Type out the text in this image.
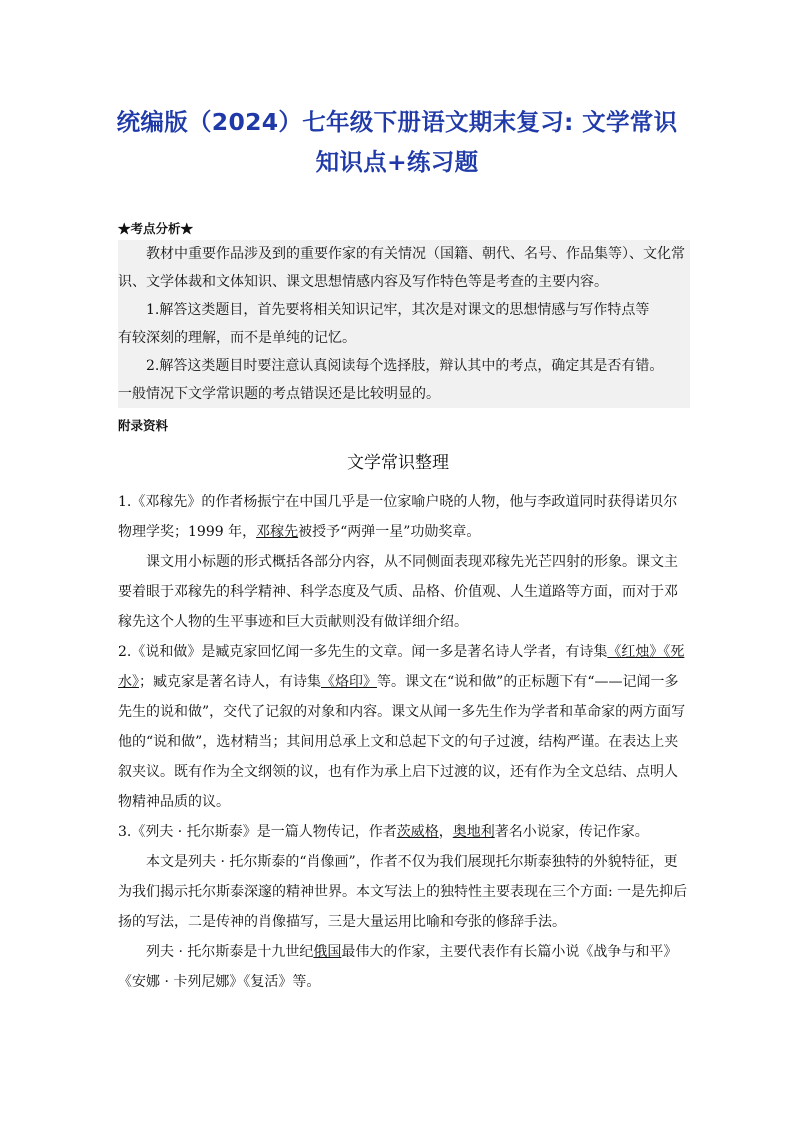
统编版（2024）七年级下册语文期末复习: 文学常识
知识点+练习题
★考点分析★

教材中重要作品涉及到的重要作家的有关情况（国籍、朝代、名号、作品集等）、文化常识、文学体裁和文体知识、课文思想情感内容及写作特色等是考查的主要内容。

1.解答这类题目，首先要将相关知识记牢，其次是对课文的思想情感与写作特点等

有较深刻的理解，而不是单纯的记忆。

2.解答这类题目时要注意认真阅读每个选择肢，辩认其中的考点，确定其是否有错。

一般情况下文学常识题的考点错误还是比较明显的。

附录资料
文学常识整理

1.《邓稼先》的作者杨振宁在中国几乎是一位家喻户晓的人物，他与李政道同时获得诺贝尔物理学奖；1999 年，邓稼先被授予“两弹一星”功勋奖章。

课文用小标题的形式概括各部分内容，从不同侧面表现邓稼先光芒四射的形象。课文主要着眼于邓稼先的科学精神、科学态度及气质、品格、价值观、人生道路等方面，而对于邓稼先这个人物的生平事迹和巨大贡献则没有做详细介绍。

2.《说和做》是臧克家回忆闻一多先生的文章。闻一多是著名诗人学者，有诗集《红烛》《死水》；臧克家是著名诗人，有诗集《烙印》等。课文在“说和做”的正标题下有“——记闻一多先生的说和做”，交代了记叙的对象和内容。课文从闻一多先生作为学者和革命家的两方面写他的“说和做”，选材精当；其间用总承上文和总起下文的句子过渡，结构严谨。在表达上夹叙夹议。既有作为全文纲领的议，也有作为承上启下过渡的议，还有作为全文总结、点明人物精神品质的议。

3.《列夫 · 托尔斯泰》是一篇人物传记，作者茨威格，奥地利著名小说家，传记作家。

本文是列夫 · 托尔斯泰的“肖像画”，作者不仅为我们展现托尔斯泰独特的外貌特征，更为我们揭示托尔斯泰深邃的精神世界。本文写法上的独特性主要表现在三个方面: 一是先抑后扬的写法，二是传神的肖像描写，三是大量运用比喻和夸张的修辞手法。

列夫 · 托尔斯泰是十九世纪俄国最伟大的作家，主要代表作有长篇小说《战争与和平》《安娜 · 卡列尼娜》《复活》等。
